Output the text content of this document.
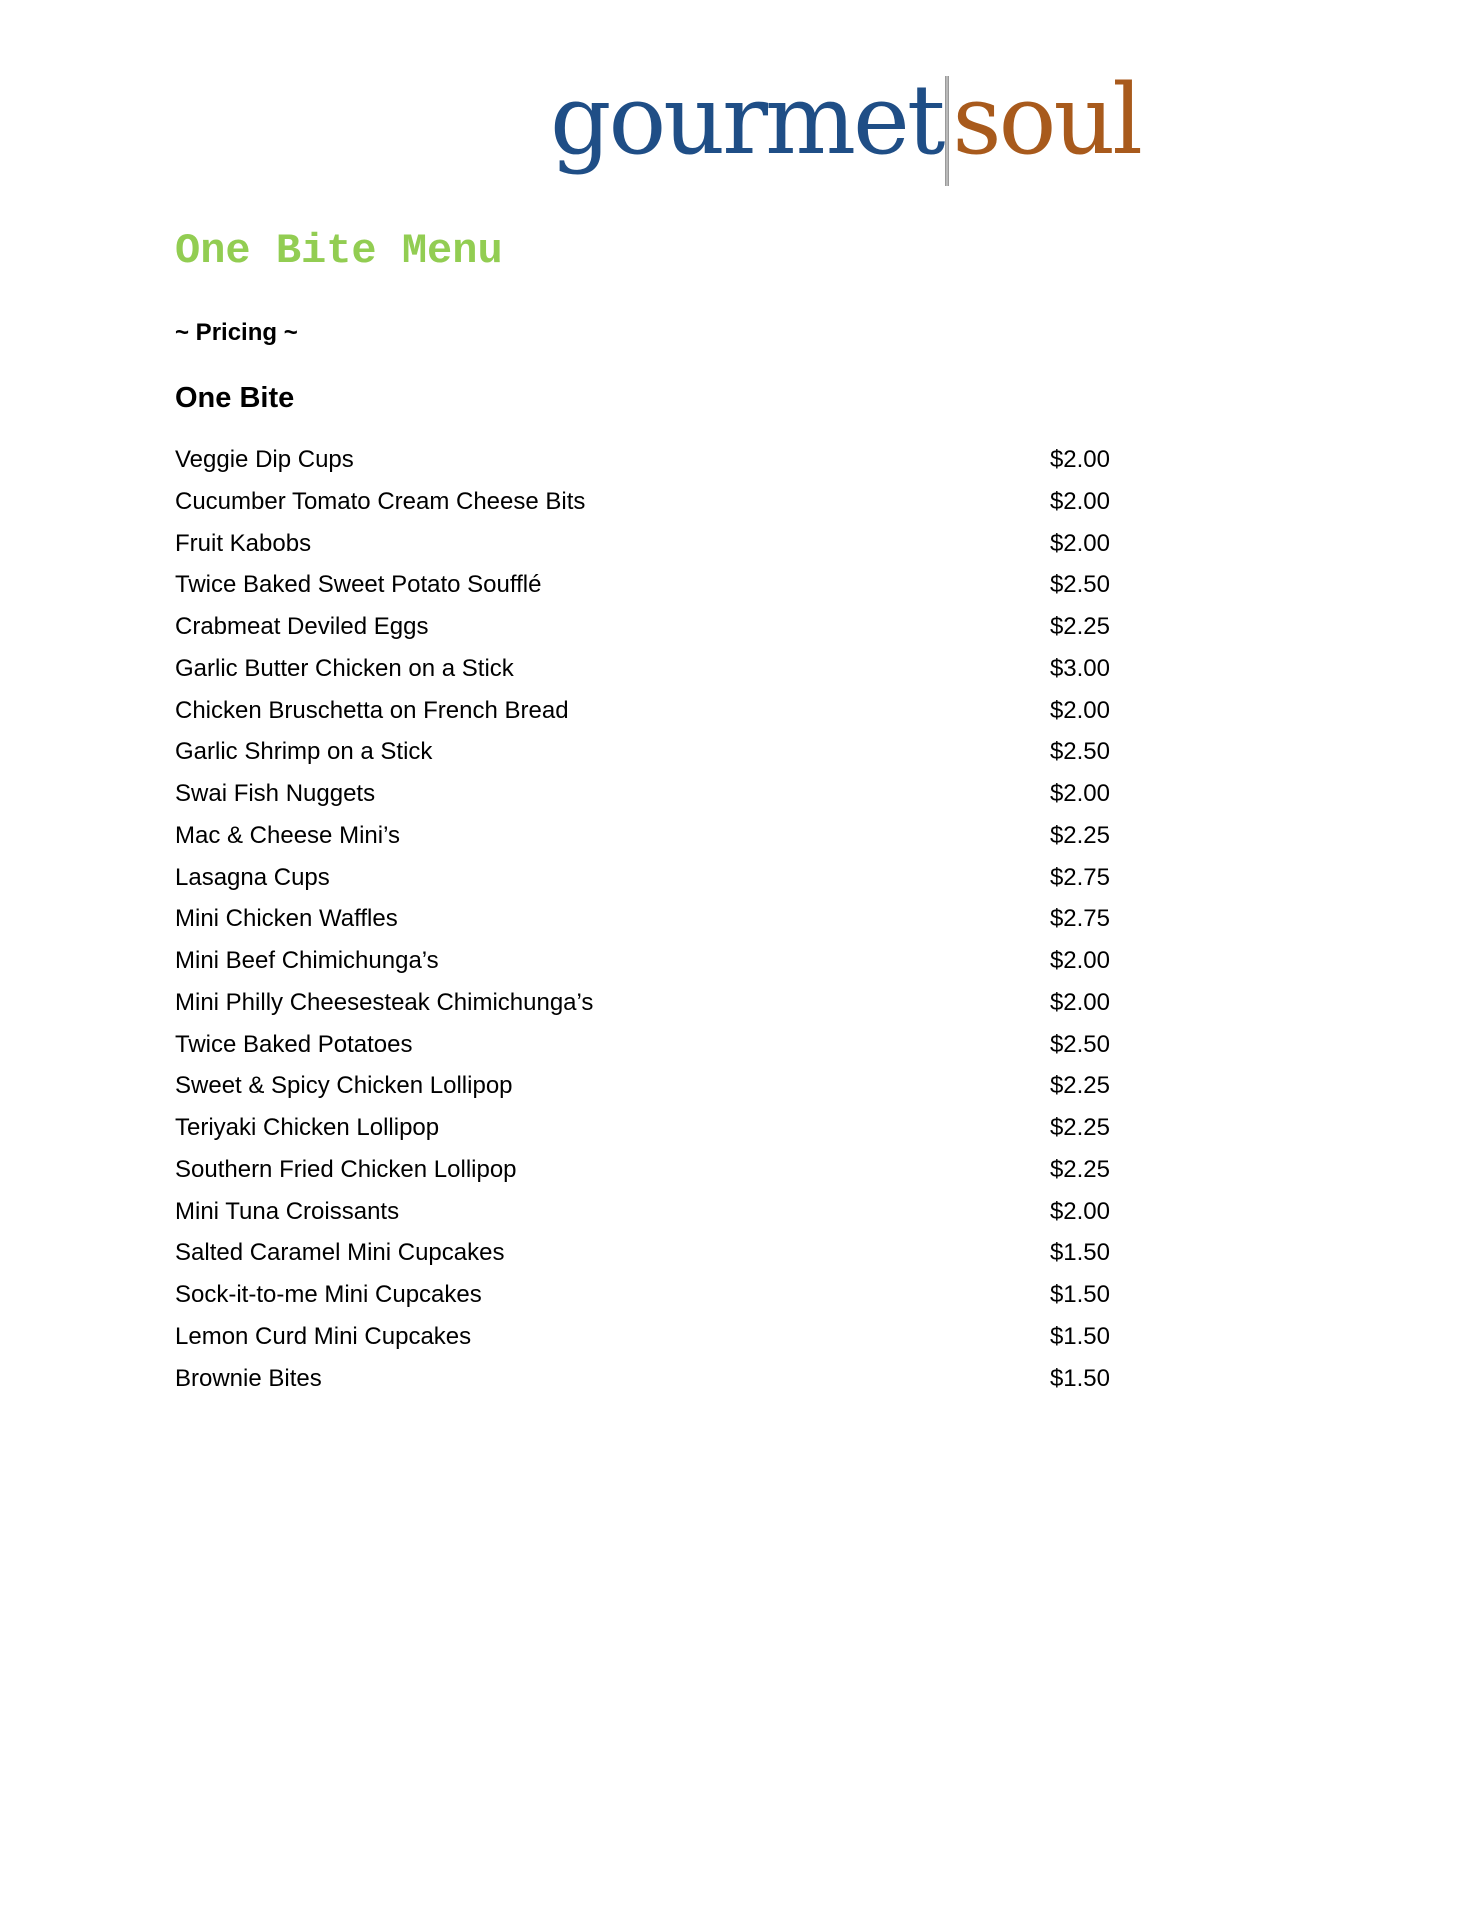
gourmet soul
One Bite Menu
~ Pricing ~
One Bite
Veggie Dip Cups	$2.00
Cucumber Tomato Cream Cheese Bits	$2.00
Fruit Kabobs	$2.00
Twice Baked Sweet Potato Soufflé	$2.50
Crabmeat Deviled Eggs	$2.25
Garlic Butter Chicken on a Stick	$3.00
Chicken Bruschetta on French Bread	$2.00
Garlic Shrimp on a Stick	$2.50
Swai Fish Nuggets	$2.00
Mac & Cheese Mini’s	$2.25
Lasagna Cups	$2.75
Mini Chicken Waffles	$2.75
Mini Beef Chimichunga’s	$2.00
Mini Philly Cheesesteak Chimichunga’s	$2.00
Twice Baked Potatoes	$2.50
Sweet & Spicy Chicken Lollipop	$2.25
Teriyaki Chicken Lollipop	$2.25
Southern Fried Chicken Lollipop	$2.25
Mini Tuna Croissants	$2.00
Salted Caramel Mini Cupcakes	$1.50
Sock-it-to-me Mini Cupcakes	$1.50
Lemon Curd Mini Cupcakes	$1.50
Brownie Bites	$1.50
